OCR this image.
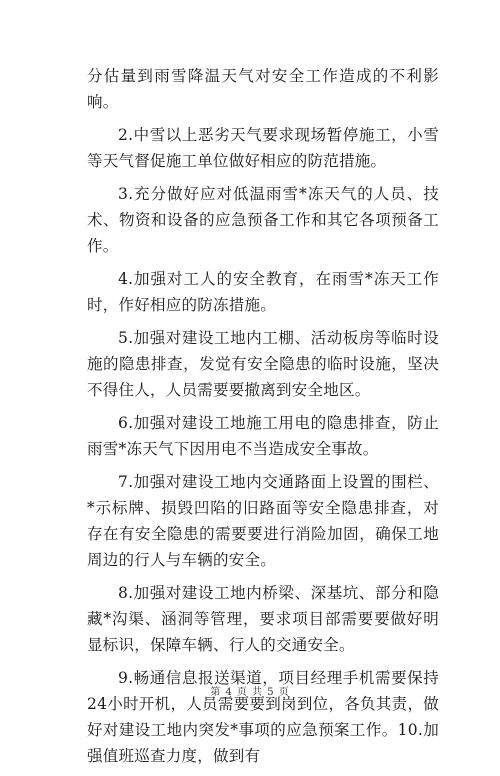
分估量到雨雪降温天气对安全工作造成的不利影响。

2.中雪以上恶劣天气要求现场暂停施工，小雪等天气督促施工单位做好相应的防范措施。

3.充分做好应对低温雨雪*冻天气的人员、技术、物资和设备的应急预备工作和其它各项预备工作。

4.加强对工人的安全教育，在雨雪*冻天工作时，作好相应的防冻措施。

5.加强对建设工地内工棚、活动板房等临时设施的隐患排查，发觉有安全隐患的临时设施，坚决不得住人，人员需要要撤离到安全地区。

6.加强对建设工地施工用电的隐患排查，防止雨雪*冻天气下因用电不当造成安全事故。

7.加强对建设工地内交通路面上设置的围栏、*示标牌、损毁凹陷的旧路面等安全隐患排查，对存在有安全隐患的需要要进行消险加固，确保工地周边的行人与车辆的安全。

8.加强对建设工地内桥梁、深基坑、部分和隐藏*沟渠、涵洞等管理，要求项目部需要要做好明显标识，保障车辆、行人的交通安全。

9.畅通信息报送渠道，项目经理手机需要保持24小时开机，人员需要要到岗到位，各负其责，做好对建设工地内突发*事项的应急预案工作。10.加强值班巡查力度，做到有

第 4 页 共 5 页
